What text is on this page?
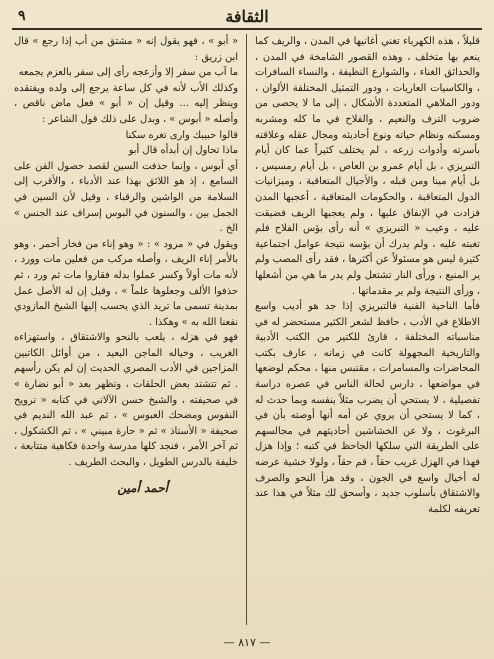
٩	الثقافة

قليلاً ، هذه الكهرباء تغني أغانيها في المدن ، والريف كما ينعم بها متخلف ، وهذه القصور الشامخة في المدن ، والحدائق الغناء ، والشوارع النظيفة ، والنساء السافرات ، والكاسيات العاريات ، ودور التمثيل المختلفة الألوان ، ودور الملاهي المتعددة الأشكال ، إلى ما لا يحصى من ضروب الترف والنعيم ، والفلاح في ما كله ومشربه ومسكنه ونظام حياته ونوع أحاديثه ومجال عقله وعلاقته بأسرته وأدوات زرعه ، لم يختلف كثيراً عما كان أيام التبريزي ، بل أيام عمرو بن العاص ، بل أيام رمسيس ، بل أيام مينا ومن قبله ، والأجيال المتعاقبة ، وميزانيات الدول المتعاقبة ، والحكومات المتعاقبة ، أعجبها المدن فزادت في الإنفاق عليها ، ولم يعجبها الريف فضيقت عليه ، وعيب « التبريزي » أنه رأى بؤس الفلاح فلم تغبته عليه ، ولم يدرك أن بؤسه نتيجة عوامل اجتماعية كثيرة ليس هو مسئولاً عن أكثرها ، فقد رأى المصب ولم ير المنبع ، ورأى النار تشتعل ولم يدر ما هي من أشعلها ، ورأى النتيجة ولم ير مقدماتها .
فأما الناحية الفنية فالتبريزي إذا جد هو أديب واسع الاطلاع في الأدب ، حافظ لشعر الكثير مستحضر له في مناسباته المختلفة ، قارئ للكتير من الكتب الأدبية والتاريخية المجهولة كانت في زمانه ، عارف بكتب المحاضرات والمسامرات ، مقتبس منها ، محكم لوضعها في مواضعها ، دارس لحالة الناس في عصره دراسة تفصيلية ، لا يستحي أن يضرب مثلاً بنفسه وبما حدث له ، كما لا يستحي أن يروي عن أمه أنها أوصته بأن في البرغوث ، ولا عن الخشاشين أحاديثهم في مجالسهم على الطريقة التي سلكها الجاحظ في كتبه ؛ وإذا هزل فهذا في الهزل غريب حقاً ، قم حقاً ، ولولا خشية عرضه له أخيال واسع في الجون ، وقد هزأ النحو والصرف والاشتقاق بأسلوب جديد ، وأسحق لك مثلاً في هذا عند تعريفه لكلمة

« أبو » ، فهو يقول إنه « مشتق من أب إذا رجع » قال ابن زريق :
ما آب من سفر إلا وأزعجه رأى إلى سفر بالعزم يجمعه
وكذلك الأب لأنه في كل ساعة يرجع إلى ولده ويفتقده وينظر إليه ... وقيل إن « أبو » فعل ماض ناقص ، وأصله « أبوس » ، وبدل على ذلك قول الشاعر :
قالوا حبيبك وارى تغره سكنا
ماذا تحاول إن أبدأه قال أبو
أي أبوس ، وإنما حذفت السين لقصد حصول الفن على السامع ، إذ هو اللائق بهذا عند الأدباء ، والأقرب إلى السلامة من الواشين والرقباء ، وقيل لأن السين في الجمل بين ، والسنون في البوس إسراف عند الجنس » الخ .
ويقول في « مرود » : « وهو إناء من فخار أحمر ، وهو بالأمر إناء الريف ، وأصله مركب من فعلين مات وورد ، لأنه مات أولاً وكسر عملوا بدله فقاروا مات ثم ورد ، ثم حذفوا الألف وجعلوها علماً » ، وقيل إن له الأصل عمل بمدينة تسمى ما تريد الذي يحسب إليها الشيخ المازودي نفعنا الله به » وهكذا .
فهو في هزله ، يلعب بالنحو والاشتقاق ، واستهزاءه الغريب ، وخياله الماجن البعيد ، من أوائل الكاتبين المزاجين في الأدب المصري الحديث إن لم يكن رأسهم . ثم تتشتد بعض الحلقات ، وتظهر بعد « أبو نضارة » في صحيفته ، والشيخ حسن الآلاتي في كتابه « ترويح النفوس ومضحك العبوس » ، ثم عبد الله النديم في صحيفة « الأستاذ » ثم « حارة مبيني » ، ثم الكشكول ، ثم آخر الأمر ، فنجد كلها مدرسة واحدة فكاهية متتابعة ، خليفة بالدرس الطويل ، والبحث الطريف .

أحمد أمين
— ٨١٧ —
